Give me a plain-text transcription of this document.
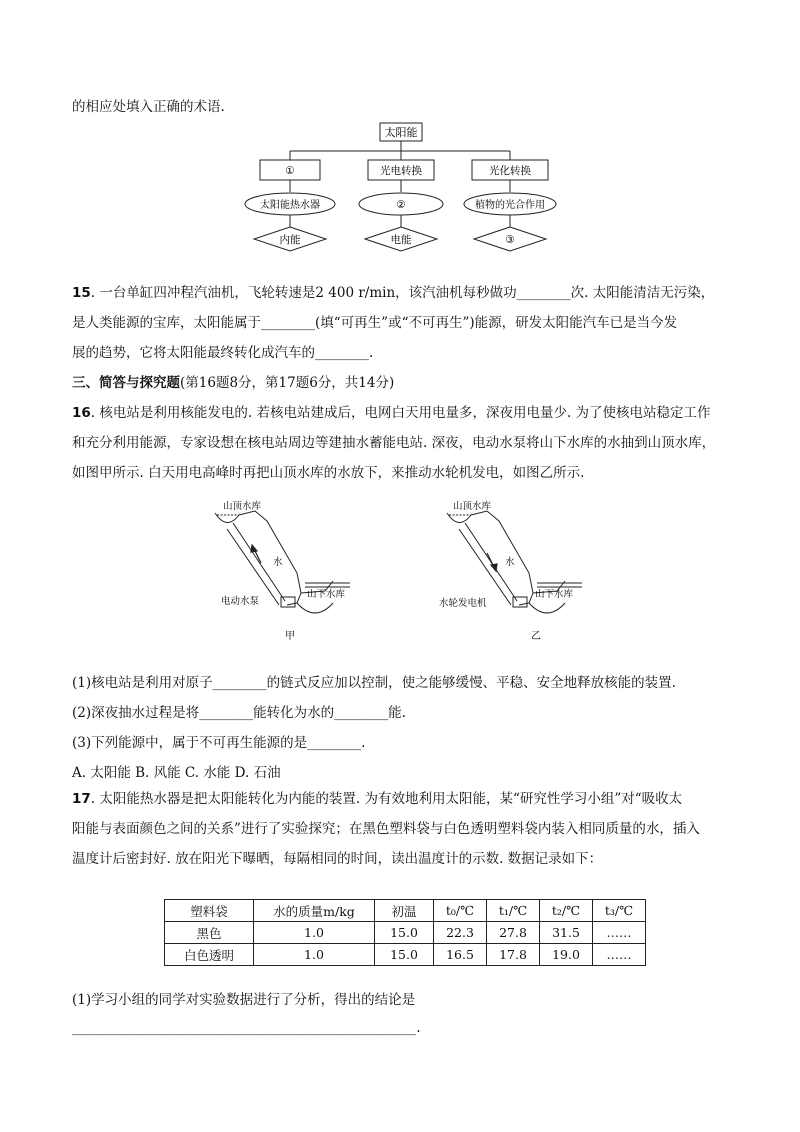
的相应处填入正确的术语.
太阳能
①	光电转换	光化转换
太阳能热水器	②	植物的光合作用
内能	电能	③
15. 一台单缸四冲程汽油机，飞轮转速是2 400 r/min，该汽油机每秒做功________次. 太阳能清洁无污染，
是人类能源的宝库，太阳能属于________(填“可再生”或“不可再生”)能源，研发太阳能汽车已是当今发
展的趋势，它将太阳能最终转化成汽车的________.
三、简答与探究题(第16题8分，第17题6分，共14分)
16. 核电站是利用核能发电的. 若核电站建成后，电网白天用电量多，深夜用电量少. 为了使核电站稳定工作
和充分利用能源，专家设想在核电站周边等建抽水蓄能电站. 深夜，电动水泵将山下水库的水抽到山顶水库，
如图甲所示. 白天用电高峰时再把山顶水库的水放下，来推动水轮机发电，如图乙所示.
山顶水库
水
山下水库
电动水泵
甲
山顶水库
水
山下水库
水轮发电机
乙
(1)核电站是利用对原子________的链式反应加以控制，使之能够缓慢、平稳、安全地释放核能的装置.
(2)深夜抽水过程是将________能转化为水的________能.
(3)下列能源中，属于不可再生能源的是________.
A. 太阳能 B. 风能 C. 水能 D. 石油
17. 太阳能热水器是把太阳能转化为内能的装置. 为有效地利用太阳能，某“研究性学习小组”对“吸收太
阳能与表面颜色之间的关系”进行了实验探究；在黑色塑料袋与白色透明塑料袋内装入相同质量的水，插入
温度计后密封好. 放在阳光下曝晒，每隔相同的时间，读出温度计的示数. 数据记录如下：
塑料袋	水的质量m/kg	初温	t₀/℃	t₁/℃	t₂/℃	t₃/℃
黑色	1.0	15.0	22.3	27.8	31.5	……
白色透明	1.0	15.0	16.5	17.8	19.0	……
(1)学习小组的同学对实验数据进行了分析，得出的结论是
___________________________________________________.
